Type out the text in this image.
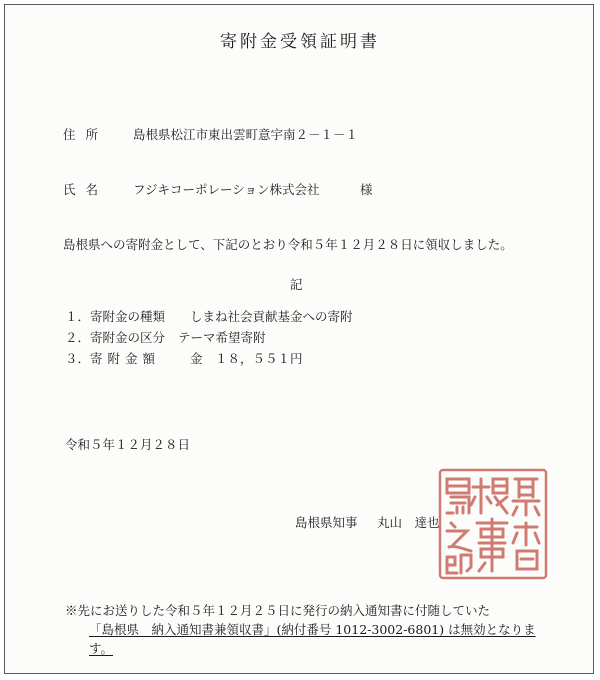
寄附金受領証明書
住所 島根県松江市東出雲町意宇南２－１－１
氏名 フジキコーポレーション株式会社	様
島根県への寄附金として、下記のとおり令和５年１２月２８日に領収しました。
記
１．寄附金の種類 しまね社会貢献基金への寄附
２．寄附金の区分 テーマ希望寄附
３．寄附金額 金　１８，５５１円
令和５年１２月２８日
島根県知事 丸山　達也
※先にお送りした令和５年１２月２５日に発行の納入通知書に付随していた
「島根県　納入通知書兼領収書」(納付番号 1012-3002-6801) は無効となりま
す。
